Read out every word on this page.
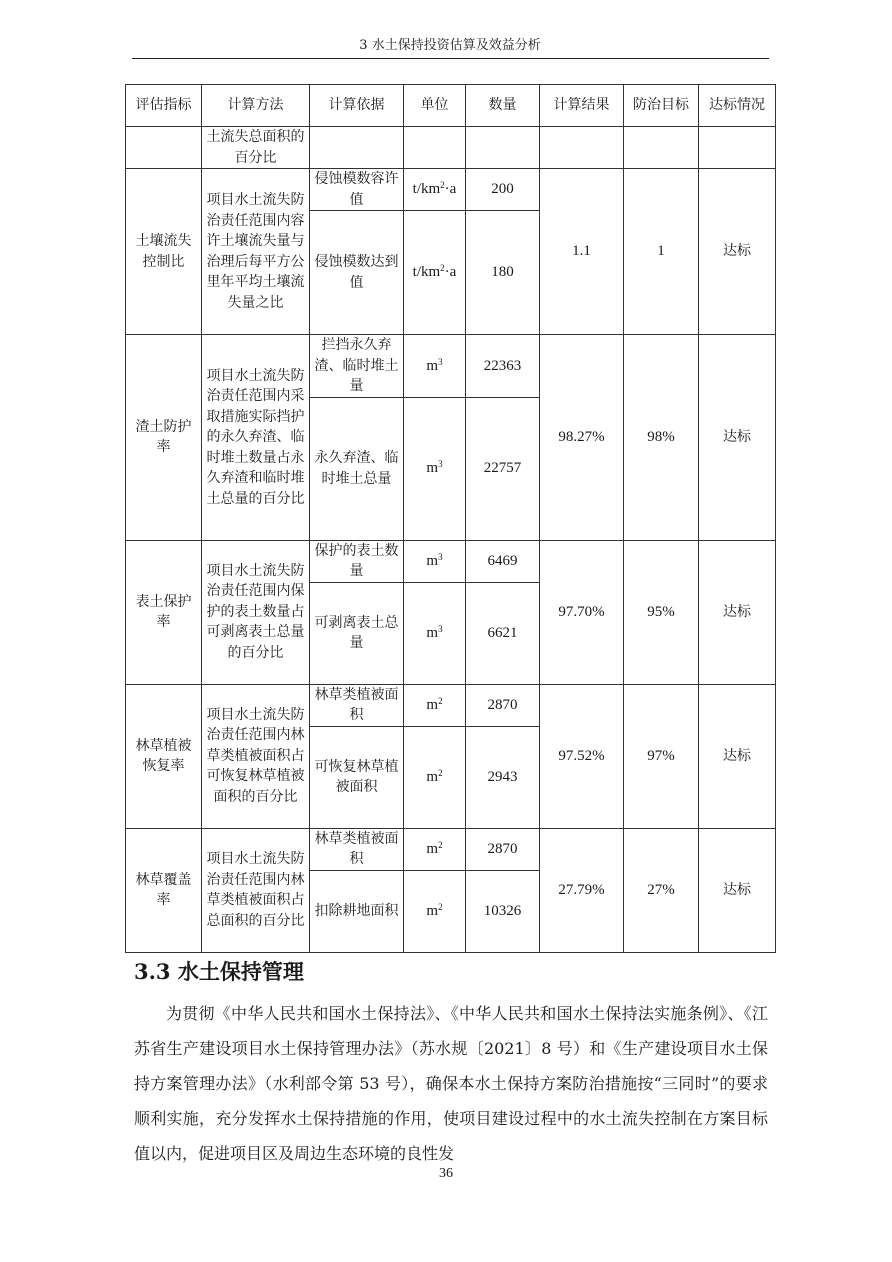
3 水土保持投资估算及效益分析
评估指标	计算方法	计算依据	单位	数量	计算结果	防治目标	达标情况
	土流失总面积的百分比						
土壤流失控制比	项目水土流失防治责任范围内容许土壤流失量与治理后每平方公里年平均土壤流失量之比	侵蚀模数容许值	$t/km^2\cdot a$	200	1.1	1	达标
		侵蚀模数达到值	$t/km^2\cdot a$	180			
渣土防护率	项目水土流失防治责任范围内采取措施实际挡护的永久弃渣、临时堆土数量占永久弃渣和临时堆土总量的百分比	拦挡永久弃渣、临时堆土量	$m^3$	22363	98.27%	98%	达标
		永久弃渣、临时堆土总量	$m^3$	22757			
表土保护率	项目水土流失防治责任范围内保护的表土数量占可剥离表土总量的百分比	保护的表土数量	$m^3$	6469	97.70%	95%	达标
		可剥离表土总量	$m^3$	6621			
林草植被恢复率	项目水土流失防治责任范围内林草类植被面积占可恢复林草植被面积的百分比	林草类植被面积	$m^2$	2870	97.52%	97%	达标
		可恢复林草植被面积	$m^2$	2943			
林草覆盖率	项目水土流失防治责任范围内林草类植被面积占总面积的百分比	林草类植被面积	$m^2$	2870	27.79%	27%	达标
		扣除耕地面积	$m^2$	10326			
3.3 水土保持管理
为贯彻《中华人民共和国水土保持法》、《中华人民共和国水土保持法实施条例》、《江苏省生产建设项目水土保持管理办法》（苏水规〔2021〕8 号）和《生产建设项目水土保持方案管理办法》（水利部令第 53 号），确保本水土保持方案防治措施按“三同时”的要求顺利实施，充分发挥水土保持措施的作用，使项目建设过程中的水土流失控制在方案目标值以内，促进项目区及周边生态环境的良性发
36
